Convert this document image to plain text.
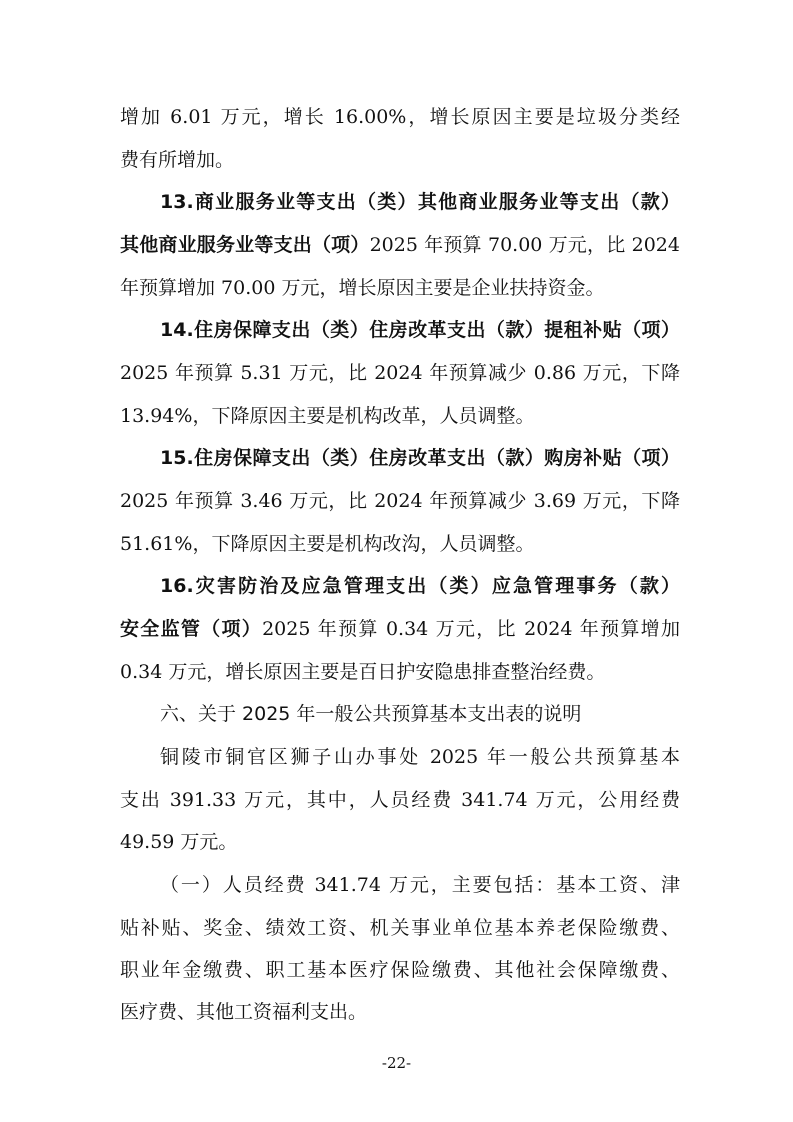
增加 6.01 万元，增长 16.00%，增长原因主要是垃圾分类经
费有所增加。
13.商业服务业等支出（类）其他商业服务业等支出（款）
其他商业服务业等支出（项）2025 年预算 70.00 万元，比 2024
年预算增加 70.00 万元，增长原因主要是企业扶持资金。
14.住房保障支出（类）住房改革支出（款）提租补贴（项）
2025 年预算 5.31 万元，比 2024 年预算减少 0.86 万元，下降
13.94%，下降原因主要是机构改革，人员调整。
15.住房保障支出（类）住房改革支出（款）购房补贴（项）
2025 年预算 3.46 万元，比 2024 年预算减少 3.69 万元，下降
51.61%，下降原因主要是机构改沟，人员调整。
16.灾害防治及应急管理支出（类）应急管理事务（款）
安全监管（项）2025 年预算 0.34 万元，比 2024 年预算增加
0.34 万元，增长原因主要是百日护安隐患排查整治经费。
六、关于 2025 年一般公共预算基本支出表的说明
铜陵市铜官区狮子山办事处 2025 年一般公共预算基本
支出 391.33 万元，其中，人员经费 341.74 万元，公用经费
49.59 万元。
（一）人员经费 341.74 万元，主要包括：基本工资、津
贴补贴、奖金、绩效工资、机关事业单位基本养老保险缴费、
职业年金缴费、职工基本医疗保险缴费、其他社会保障缴费、
医疗费、其他工资福利支出。
-22-
